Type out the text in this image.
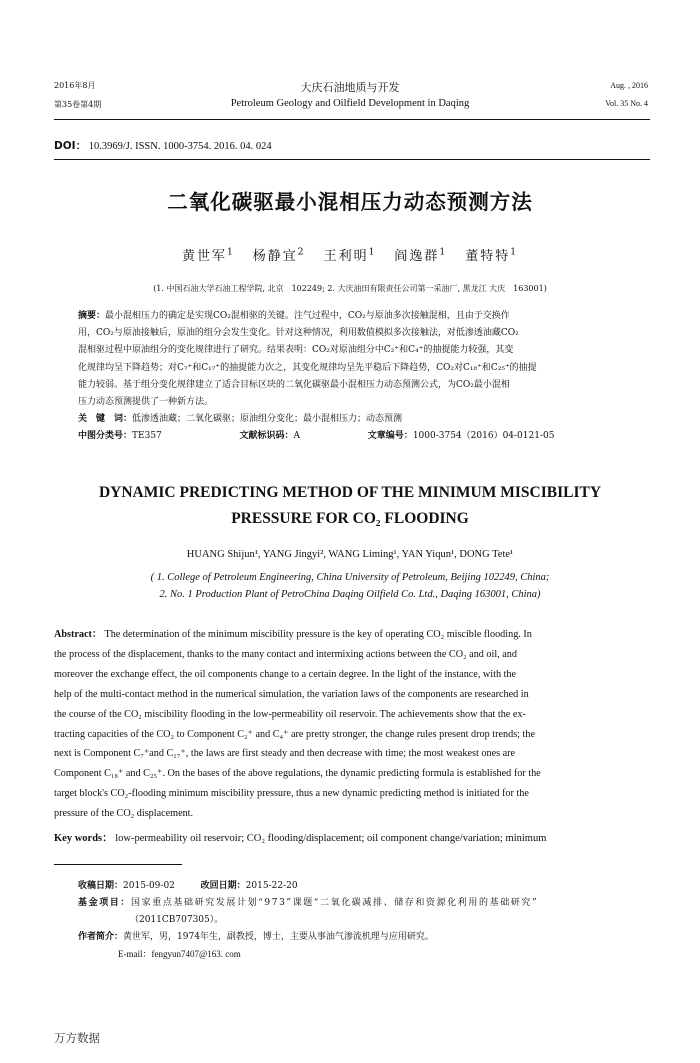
2016年8月
第35卷第4期
大庆石油地质与开发
Petroleum Geology and Oilfield Development in Daqing
Aug. , 2016
Vol. 35 No. 4
DOI： 10.3969/J. ISSN. 1000-3754. 2016. 04. 024
二氧化碳驱最小混相压力动态预测方法
黄世军$^1$ 杨静宜$^2$ 王利明$^1$ 阎逸群$^1$ 董特特$^1$
(1. 中国石油大学石油工程学院, 北京　102249; 2. 大庆油田有限责任公司第一采油厂, 黑龙江 大庆　163001)
摘要：最小混相压力的确定是实现CO₂混相驱的关键。注气过程中，CO₂与原油多次接触混相，且由于交换作
用，CO₂与原油接触后，原油的组分会发生变化。针对这种情况，利用数值模拟多次接触法，对低渗透油藏CO₂
混相驱过程中原油组分的变化规律进行了研究。结果表明：CO₂对原油组分中C₂⁺和C₄⁺的抽提能力较强，其变
化规律均呈下降趋势；对C₇⁺和C₁₇⁺的抽提能力次之，其变化规律均呈先平稳后下降趋势，CO₂对C₁₈⁺和C₂₅⁺的抽提
能力较弱。基于组分变化规律建立了适合目标区块的二氧化碳驱最小混相压力动态预测公式，为CO₂最小混相
压力动态预测提供了一种新方法。
关　键　词：低渗透油藏；二氧化碳驱；原油组分变化；最小混相压力；动态预测
中图分类号：TE357	文献标识码：A	文章编号：1000-3754（2016）04-0121-05
DYNAMIC PREDICTING METHOD OF THE MINIMUM MISCIBILITY
PRESSURE FOR CO₂ FLOODING
HUANG Shijun¹, YANG Jingyi², WANG Liming¹, YAN Yiqun¹, DONG Tete¹
( 1. College of Petroleum Engineering, China University of Petroleum, Beijing 102249, China;
2. No. 1 Production Plant of PetroChina Daqing Oilfield Co. Ltd., Daqing 163001, China)
Abstract： The determination of the minimum miscibility pressure is the key of operating CO₂ miscible flooding. In
the process of the displacement, thanks to the many contact and intermixing actions between the CO₂ and oil, and
moreover the exchange effect, the oil components change to a certain degree. In the light of the instance, with the
help of the multi-contact method in the numerical simulation, the variation laws of the components are researched in
the course of the CO₂ miscibility flooding in the low-permeability oil reservoir. The achievements show that the ex-
tracting capacities of the CO₂ to Component C₂⁺ and C₄⁺ are pretty stronger, the change rules present drop trends; the
next is Component C₇⁺and C₁₇⁺, the laws are first steady and then decrease with time; the most weakest ones are
Component C₁₈⁺ and C₂₅⁺. On the bases of the above regulations, the dynamic predicting formula is established for the
target block's CO₂-flooding minimum miscibility pressure, thus a new dynamic predicting method is initiated for the
pressure of the CO₂ displacement.
Key words： low-permeability oil reservoir; CO₂ flooding/displacement; oil component change/variation; minimum
收稿日期：2015-09-02	改回日期：2015-22-20
基金项目：国家重点基础研究发展计划“973”课题“二氧化碳减排、储存和资源化利用的基础研究”
（2011CB707305）。
作者简介：黄世军，男，1974年生，副教授，博士，主要从事油气渗流机理与应用研究。
E-mail：fengyun7407@163. com
万方数据
